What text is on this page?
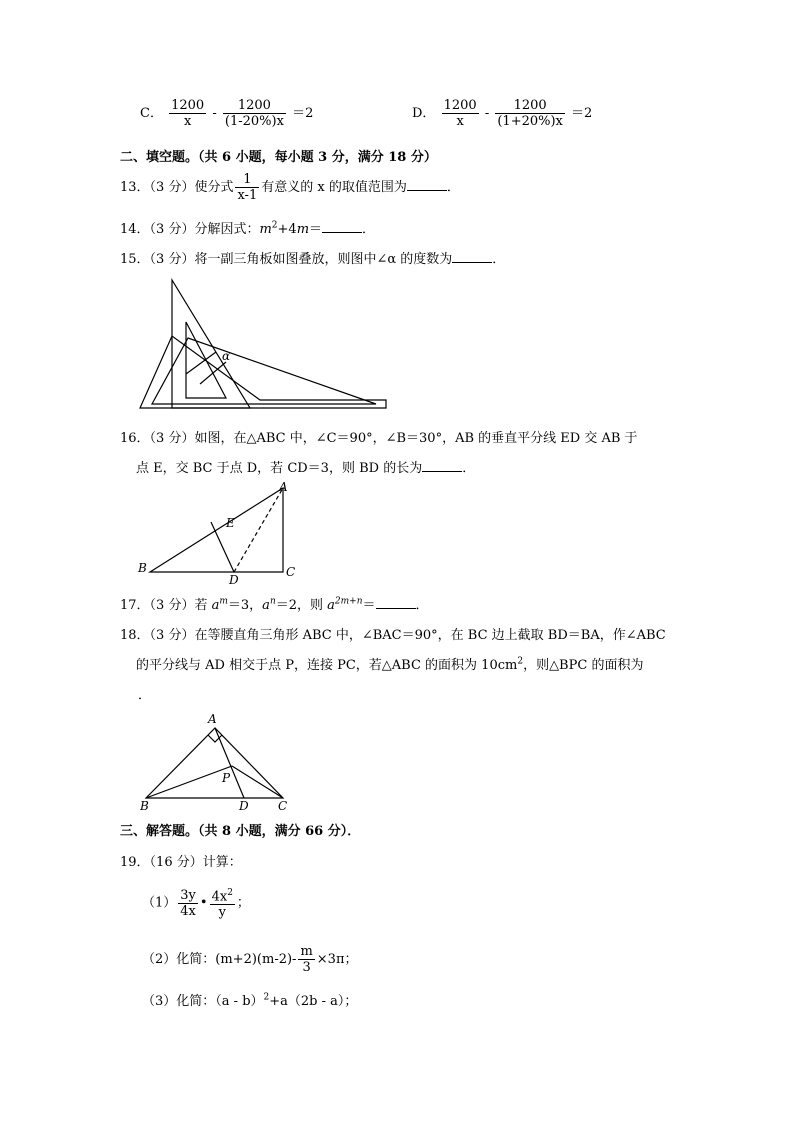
C． $\frac{1200}{x} - \frac{1200}{(1-20\%)x} =2$	D． $\frac{1200}{x} - \frac{1200}{(1+20\%)x} =2$
二、填空题。（共 6 小题，每小题 3 分，满分 18 分）
13．（3 分）使分式 $\frac{1}{x-1}$ 有意义的 x 的取值范围为	．
14．（3 分）分解因式：$m^2+4m=$	．
15．（3 分）将一副三角板如图叠放，则图中∠α 的度数为	．
α
16．（3 分）如图，在△ABC 中，∠C＝90°，∠B＝30°，AB 的垂直平分线 ED 交 AB 于
点 E，交 BC 于点 D，若 CD＝3，则 BD 的长为	．
A
B	C
D
E
17．（3 分）若 $a^m=3$，$a^n=2$，则 $a^{2m+n}=$	．
18．（3 分）在等腰直角三角形 ABC 中，∠BAC＝90°，在 BC 边上截取 BD＝BA，作∠ABC
的平分线与 AD 相交于点 P，连接 PC，若△ABC 的面积为 $10cm^2$，则△BPC 的面积为
．
A
B	C
D
P
三、解答题。（共 8 小题，满分 66 分）．
19．（16 分）计算：
$(1) \frac{3y}{4x}$ • $\frac{4x^2}{y}$ ；
（2）化简：$(m+2)(m-2)- \frac{m}{3} \times 3\pi$；
（3）化简：（a - b）$^2$+a（2b - a）；
